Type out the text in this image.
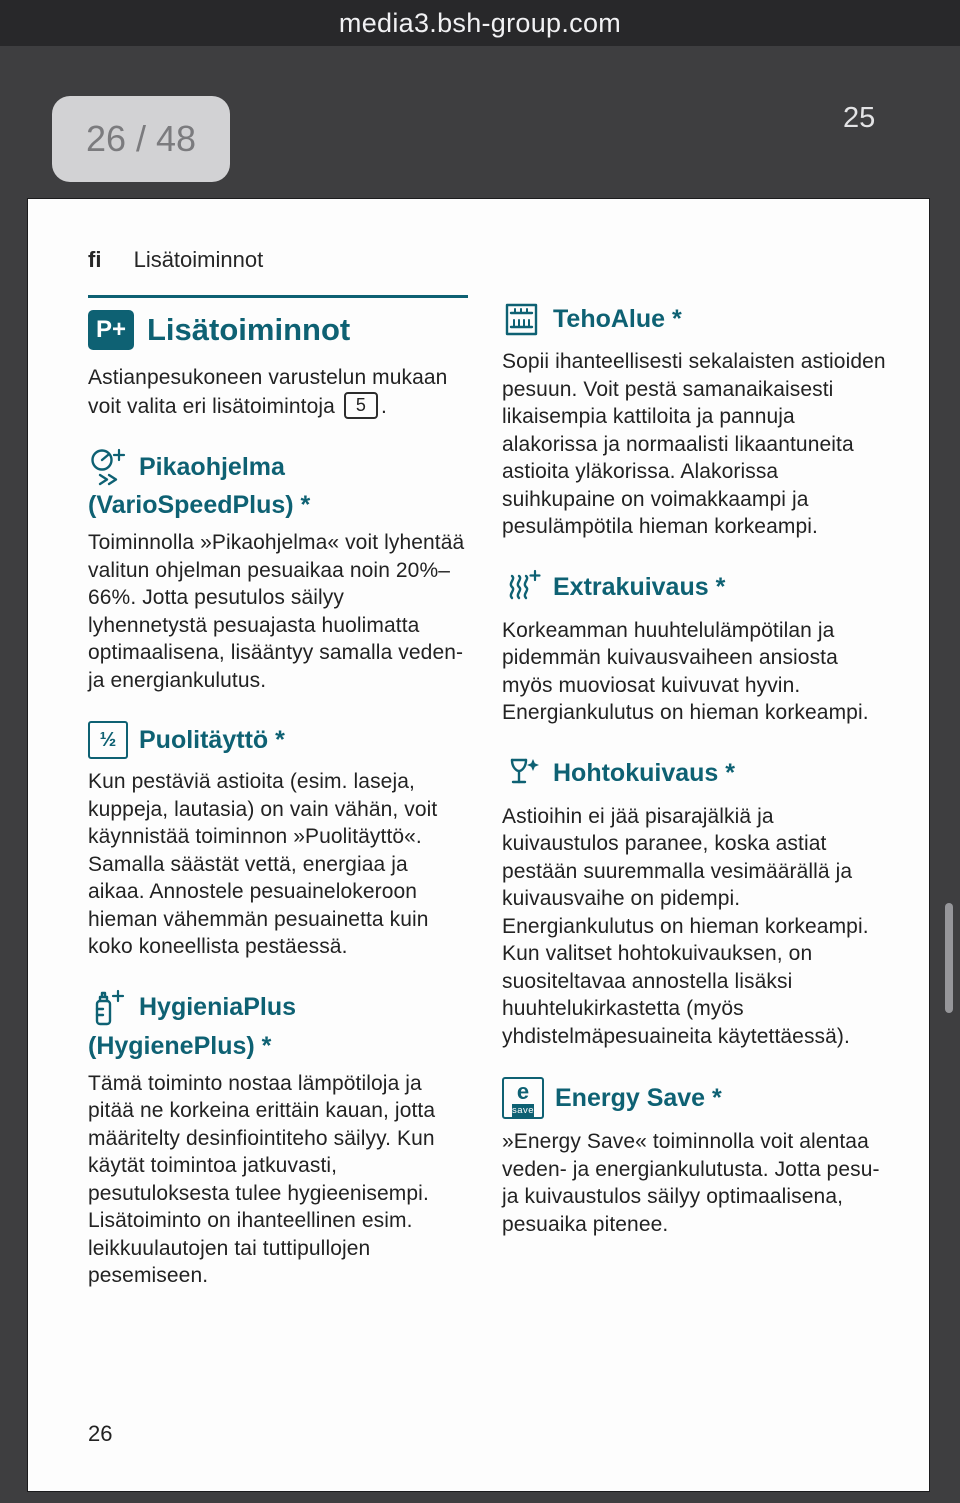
media3.bsh-group.com
26 / 48	25
fi Lisätoiminnot
P+ Lisätoiminnot

Astianpesukoneen varustelun mukaan voit valita eri lisätoimintoja 5 .

Pikaohjelma
(VarioSpeedPlus) *

Toiminnolla »Pikaohjelma« voit lyhentää valitun ohjelman pesuaikaa noin 20%–66%. Jotta pesutulos säilyy lyhennetystä pesuajasta huolimatta optimaalisena, lisääntyy samalla veden- ja energiankulutus.

½ Puolitäyttö *

Kun pestäviä astioita (esim. laseja, kuppeja, lautasia) on vain vähän, voit käynnistää toiminnon »Puolitäyttö«. Samalla säästät vettä, energiaa ja aikaa. Annostele pesuainelokeroon hieman vähemmän pesuainetta kuin koko koneellista pestäessä.

HygieniaPlus
(HygienePlus) *

Tämä toiminto nostaa lämpötiloja ja pitää ne korkeina erittäin kauan, jotta määritelty desinfiointiteho säilyy. Kun käytät toimintoa jatkuvasti, pesutuloksesta tulee hygieenisempi. Lisätoiminto on ihanteellinen esim. leikkuulautojen tai tuttipullojen pesemiseen.

TehoAlue *

Sopii ihanteellisesti sekalaisten astioiden pesuun. Voit pestä samanaikaisesti likaisempia kattiloita ja pannuja alakorissa ja normaalisti likaantuneita astioita yläkorissa. Alakorissa suihkupaine on voimakkaampi ja pesulämpötila hieman korkeampi.

Extrakuivaus *

Korkeamman huuhtelulämpötilan ja pidemmän kuivausvaiheen ansiosta myös muoviosat kuivuvat hyvin. Energiankulutus on hieman korkeampi.

Hohtokuivaus *

Astioihin ei jää pisarajälkiä ja kuivaustulos paranee, koska astiat pestään suuremmalla vesimäärällä ja kuivausvaihe on pidempi. Energiankulutus on hieman korkeampi. Kun valitset hohtokuivauksen, on suositeltavaa annostella lisäksi huuhtelukirkastetta (myös yhdistelmäpesuaineita käytettäessä).

e
save Energy Save *

»Energy Save« toiminnolla voit alentaa veden- ja energiankulutusta. Jotta pesu- ja kuivaustulos säilyy optimaalisena, pesuaika pitenee.

26
